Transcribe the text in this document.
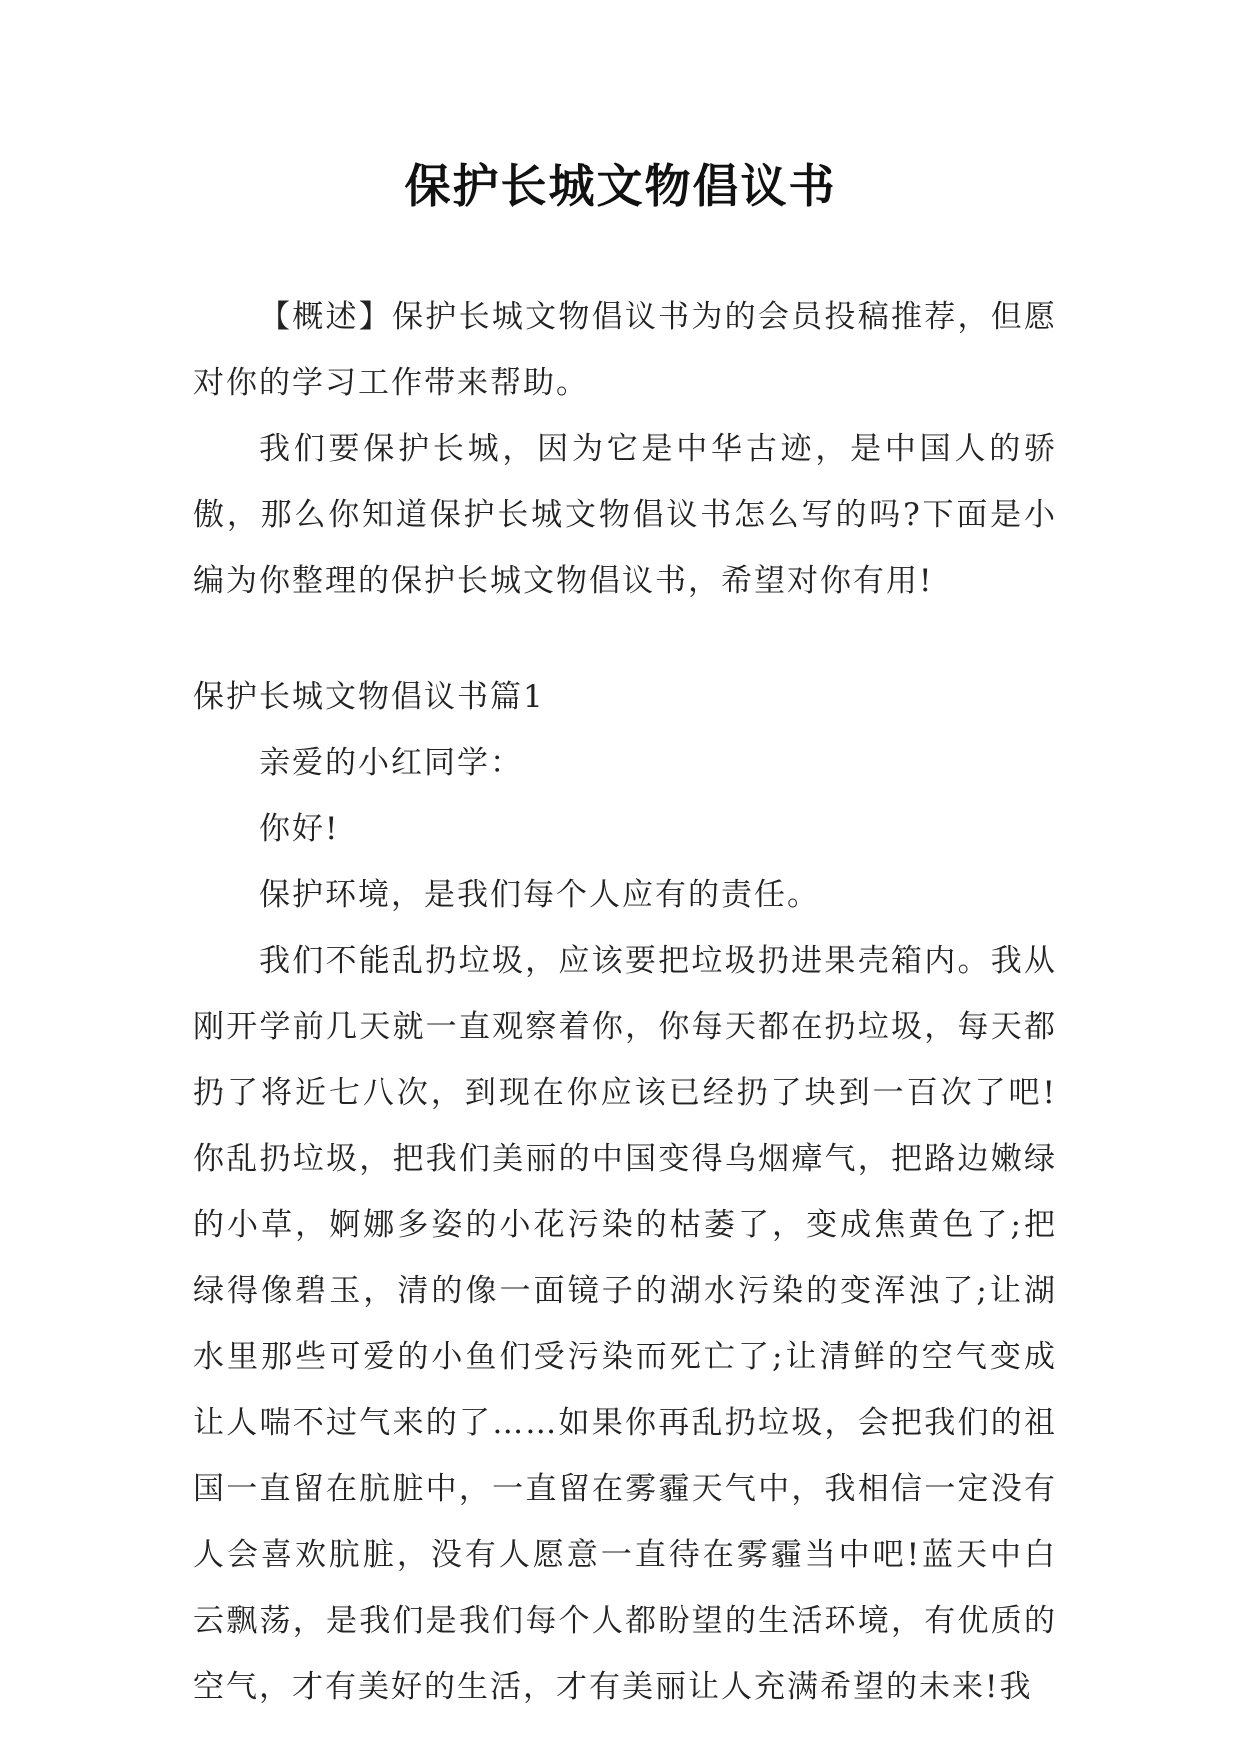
保护长城文物倡议书

【概述】保护长城文物倡议书为的会员投稿推荐，但愿对你的学习工作带来帮助。

我们要保护长城，因为它是中华古迹，是中国人的骄傲，那么你知道保护长城文物倡议书怎么写的吗?下面是小编为你整理的保护长城文物倡议书，希望对你有用!

保护长城文物倡议书篇1

亲爱的小红同学：

你好!

保护环境，是我们每个人应有的责任。

我们不能乱扔垃圾，应该要把垃圾扔进果壳箱内。我从刚开学前几天就一直观察着你，你每天都在扔垃圾，每天都扔了将近七八次，到现在你应该已经扔了块到一百次了吧!你乱扔垃圾，把我们美丽的中国变得乌烟瘴气，把路边嫩绿的小草，婀娜多姿的小花污染的枯萎了，变成焦黄色了;把绿得像碧玉，清的像一面镜子的湖水污染的变浑浊了;让湖水里那些可爱的小鱼们受污染而死亡了;让清鲜的空气变成让人喘不过气来的了……如果你再乱扔垃圾，会把我们的祖国一直留在肮脏中，一直留在雾霾天气中，我相信一定没有人会喜欢肮脏，没有人愿意一直待在雾霾当中吧!蓝天中白云飘荡，是我们是我们每个人都盼望的生活环境，有优质的空气，才有美好的生活，才有美丽让人充满希望的未来!我
